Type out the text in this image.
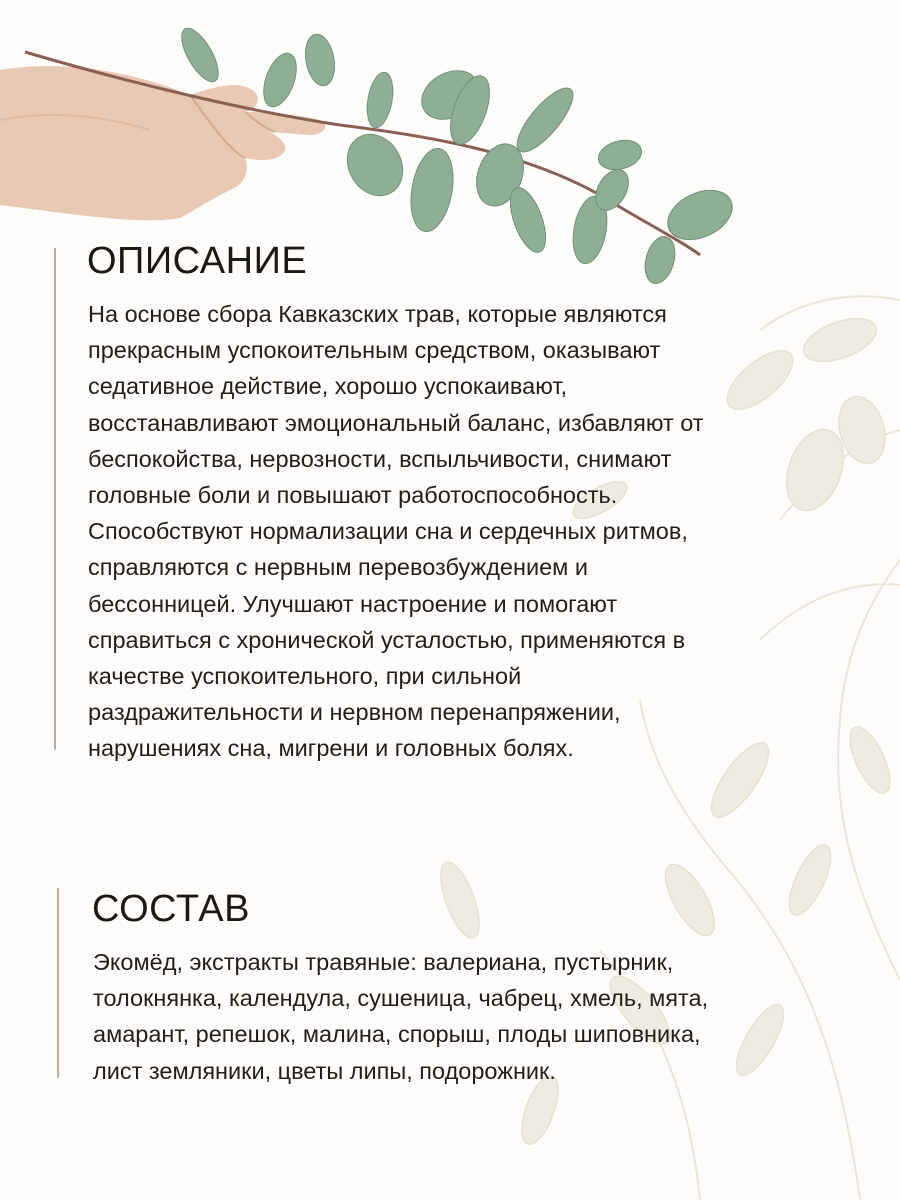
ОПИСАНИЕ

На основе сбора Кавказских трав, которые являются
прекрасным успокоительным средством, оказывают
седативное действие, хорошо успокаивают,
восстанавливают эмоциональный баланс, избавляют от
беспокойства, нервозности, вспыльчивости, снимают
головные боли и повышают работоспособность.
Способствуют нормализации сна и сердечных ритмов,
справляются с нервным перевозбуждением и
бессонницей. Улучшают настроение и помогают
справиться с хронической усталостью, применяются в
качестве успокоительного, при сильной
раздражительности и нервном перенапряжении,
нарушениях сна, мигрени и головных болях.

СОСТАВ

Экомёд, экстракты травяные: валериана, пустырник,
толокнянка, календула, сушеница, чабрец, хмель, мята,
амарант, репешок, малина, спорыш, плоды шиповника,
лист земляники, цветы липы, подорожник.
